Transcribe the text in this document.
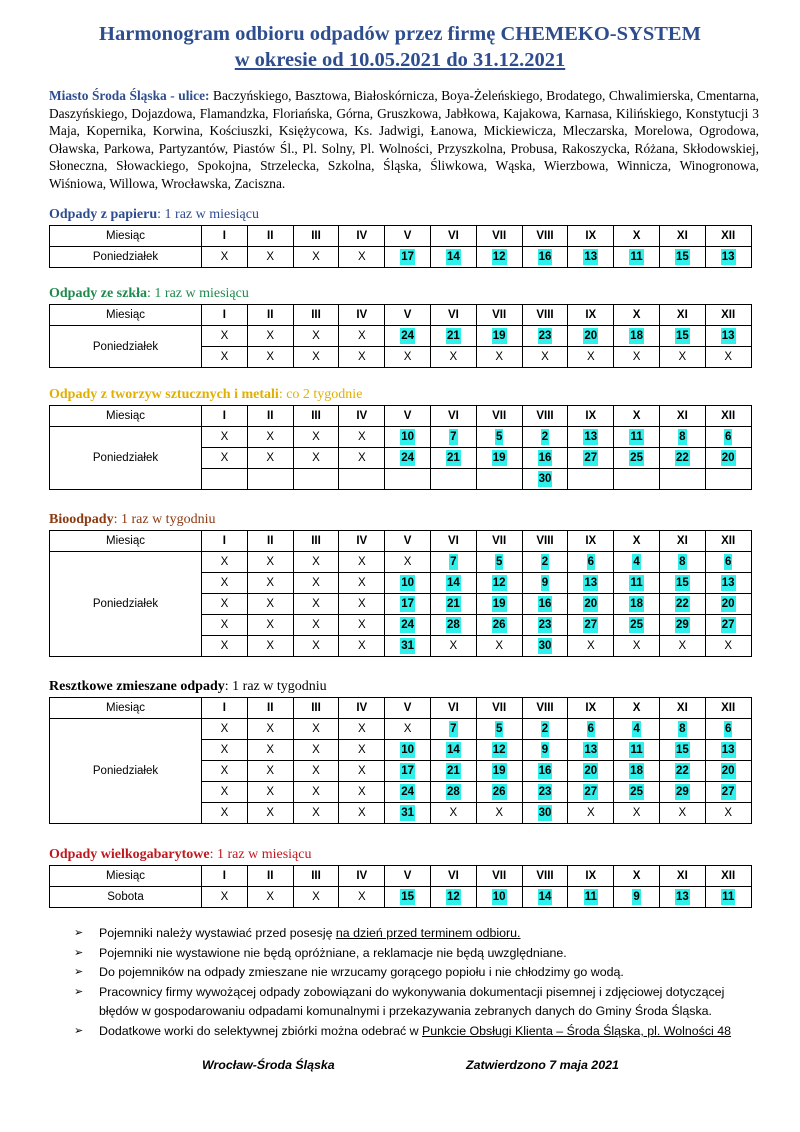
Harmonogram odbioru odpadów przez firmę CHEMEKO-SYSTEM
w okresie od 10.05.2021 do 31.12.2021
Miasto Środa Śląska - ulice: Baczyńskiego, Basztowa, Białoskórnicza, Boya-Żeleńskiego, Brodatego, Chwalimierska, Cmentarna, Daszyńskiego, Dojazdowa, Flamandzka, Floriańska, Górna, Gruszkowa, Jabłkowa, Kajakowa, Karnasa, Kilińskiego, Konstytucji 3 Maja, Kopernika, Korwina, Kościuszki, Księżycowa, Ks. Jadwigi, Łanowa, Mickiewicza, Mleczarska, Morelowa, Ogrodowa, Oławska, Parkowa, Partyzantów, Piastów Śl., Pl. Solny, Pl. Wolności, Przyszkolna, Probusa, Rakoszycka, Różana, Skłodowskiej, Słoneczna, Słowackiego, Spokojna, Strzelecka, Szkolna, Śląska, Śliwkowa, Wąska, Wierzbowa, Winnicza, Winogronowa, Wiśniowa, Willowa, Wrocławska, Zaciszna.
Odpady z papieru: 1 raz w miesiącu
Odpady ze szkła: 1 raz w miesiącu
Odpady z tworzyw sztucznych i metali: co 2 tygodnie
Bioodpady: 1 raz w tygodniu
Resztkowe zmieszane odpady: 1 raz w tygodniu
Odpady wielkogabarytowe: 1 raz w miesiącu
Miesiąc	I	II	III	IV	V	VI	VII	VIII	IX	X	XI	XII
Poniedziałek	X	X	X	X	17	14	12	16	13	11	15	13
Miesiąc	I	II	III	IV	V	VI	VII	VIII	IX	X	XI	XII
Poniedziałek	X	X	X	X	24	21	19	23	20	18	15	13
	X	X	X	X	X	X	X	X	X	X	X	X
Miesiąc	I	II	III	IV	V	VI	VII	VIII	IX	X	XI	XII
Poniedziałek	X	X	X	X	10	7	5	2	13	11	8	6
	X	X	X	X	24	21	19	16	27	25	22	20
								30				
Miesiąc	I	II	III	IV	V	VI	VII	VIII	IX	X	XI	XII
Poniedziałek	X	X	X	X	X	7	5	2	6	4	8	6
	X	X	X	X	10	14	12	9	13	11	15	13
	X	X	X	X	17	21	19	16	20	18	22	20
	X	X	X	X	24	28	26	23	27	25	29	27
	X	X	X	X	31	X	X	30	X	X	X	X
Miesiąc	I	II	III	IV	V	VI	VII	VIII	IX	X	XI	XII
Poniedziałek	X	X	X	X	X	7	5	2	6	4	8	6
	X	X	X	X	10	14	12	9	13	11	15	13
	X	X	X	X	17	21	19	16	20	18	22	20
	X	X	X	X	24	28	26	23	27	25	29	27
	X	X	X	X	31	X	X	30	X	X	X	X
Miesiąc	I	II	III	IV	V	VI	VII	VIII	IX	X	XI	XII
Sobota	X	X	X	X	15	12	10	14	11	9	13	11
➢ Pojemniki należy wystawiać przed posesję na dzień przed terminem odbioru.
➢ Pojemniki nie wystawione nie będą opróżniane, a reklamacje nie będą uwzględniane.
➢ Do pojemników na odpady zmieszane nie wrzucamy gorącego popiołu i nie chłodzimy go wodą.
➢ Pracownicy firmy wywożącej odpady zobowiązani do wykonywania dokumentacji pisemnej i zdjęciowej dotyczącej błędów w gospodarowaniu odpadami komunalnymi i przekazywania zebranych danych do Gminy Środa Śląska.
➢ Dodatkowe worki do selektywnej zbiórki można odebrać w Punkcie Obsługi Klienta – Środa Śląska, pl. Wolności 48
Wrocław-Środa Śląska	Zatwierdzono 7 maja 2021
